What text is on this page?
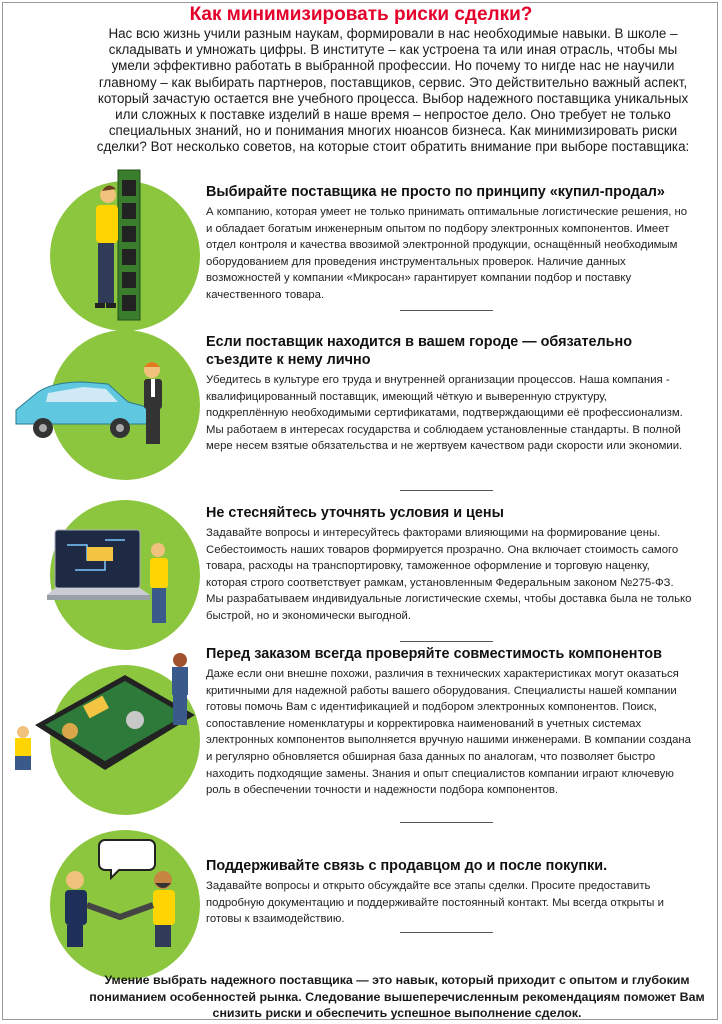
Как минимизировать риски сделки?
Нас всю жизнь учили разным наукам, формировали в нас необходимые навыки. В школе –складывать и умножать цифры. В институте – как устроена та или иная отрасль, чтобы мы умели эффективно работать в выбранной профессии. Но почему то нигде нас не научили главному – как выбирать партнеров, поставщиков, сервис. Это действительно важный аспект, который зачастую остается вне учебного процесса. Выбор надежного поставщика уникальных или сложных к поставке изделий в наше время – непростое дело. Оно требует не только специальных знаний, но и понимания многих нюансов бизнеса. Как минимизировать риски сделки? Вот несколько советов, на которые стоит обратить внимание при выборе поставщика:
Выбирайте поставщика не просто по принципу «купил-продал»

А компанию, которая умеет не только принимать оптимальные логистические решения, но и обладает богатым инженерным опытом по подбору электронных компонентов. Имеет отдел контроля и качества ввозимой электронной продукции, оснащённый необходимым оборудованием для проведения инструментальных проверок. Наличие данных возможностей у компании «Микросан» гарантирует компании подбор и поставку качественного товара.

Если поставщик находится в вашем городе — обязательно съездите к нему лично

Убедитесь в культуре его труда и внутренней организации процессов. Наша компания - квалифицированный поставщик, имеющий чёткую и выверенную структуру, подкреплённую необходимыми сертификатами, подтверждающими её профессионализм. Мы работаем в интересах государства и соблюдаем установленные стандарты. В полной мере несем взятые обязательства и не жертвуем качеством ради скорости или экономии.

Не стесняйтесь уточнять условия и цены

Задавайте вопросы и интересуйтесь факторами влияющими на формирование цены. Себестоимость наших товаров формируется прозрачно. Она включает стоимость самого товара, расходы на транспортировку, таможенное оформление и торговую наценку, которая строго соответствует рамкам, установленным Федеральным законом №275-ФЗ. Мы разрабатываем индивидуальные логистические схемы, чтобы доставка была не только быстрой, но и экономически выгодной.

Перед заказом всегда проверяйте совместимость компонентов

Даже если они внешне похожи, различия в технических характеристиках могут оказаться критичными для надежной работы вашего оборудования. Специалисты нашей компании готовы помочь Вам с идентификацией и подбором электронных компонентов. Поиск, сопоставление номенклатуры и корректировка наименований в учетных системах электронных компонентов выполняется вручную нашими инженерами. В компании создана и регулярно обновляется обширная база данных по аналогам, что позволяет быстро находить подходящие замены. Знания и опыт специалистов компании играют ключевую роль в обеспечении точности и надежности подбора компонентов.

Поддерживайте связь с продавцом до и после покупки.

Задавайте вопросы и открыто обсуждайте все этапы сделки. Просите предоставить подробную документацию и поддерживайте постоянный контакт. Мы всегда открыты и готовы к взаимодействию.

Умение выбрать надежного поставщика — это навык, который приходит с опытом и глубоким пониманием особенностей рынка. Следование вышеперечисленным рекомендациям поможет Вам снизить риски и обеспечить успешное выполнение сделок.
